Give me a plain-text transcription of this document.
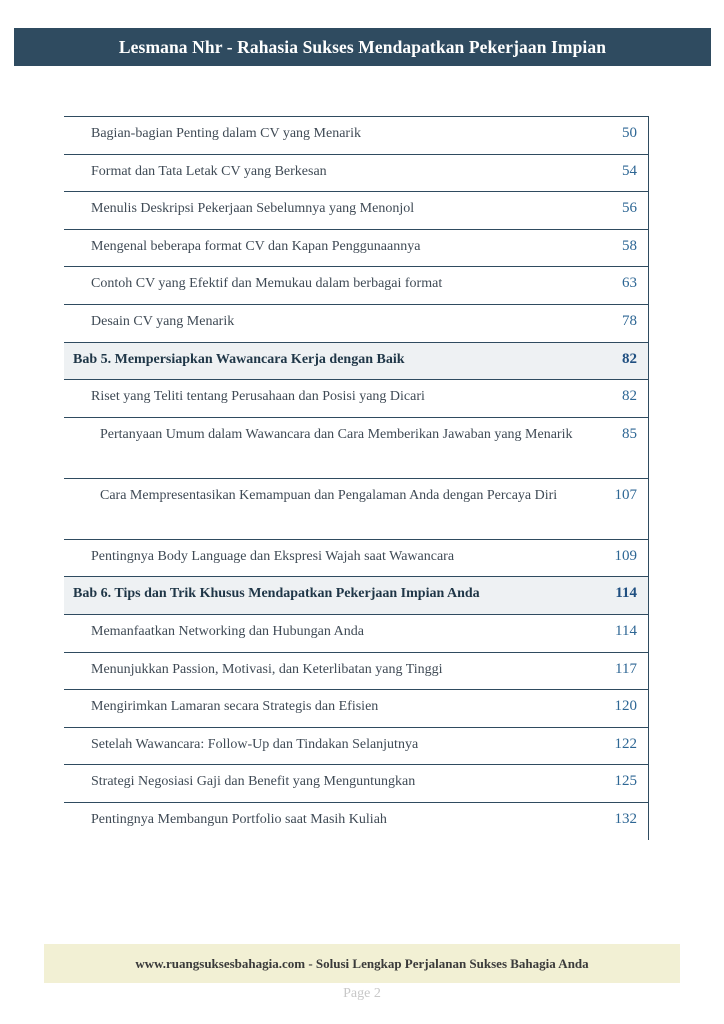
Lesmana Nhr - Rahasia Sukses Mendapatkan Pekerjaan Impian
Bagian-bagian Penting dalam CV yang Menarik	50
Format dan Tata Letak CV yang Berkesan	54
Menulis Deskripsi Pekerjaan Sebelumnya yang Menonjol	56
Mengenal beberapa format CV dan Kapan Penggunaannya	58
Contoh CV yang Efektif dan Memukau dalam berbagai format	63
Desain CV yang Menarik	78
Bab 5. Mempersiapkan Wawancara Kerja dengan Baik	82
Riset yang Teliti tentang Perusahaan dan Posisi yang Dicari	82
Pertanyaan Umum dalam Wawancara dan Cara Memberikan Jawaban yang Menarik	85
Cara Mempresentasikan Kemampuan dan Pengalaman Anda dengan Percaya Diri	107
Pentingnya Body Language dan Ekspresi Wajah saat Wawancara	109
Bab 6. Tips dan Trik Khusus Mendapatkan Pekerjaan Impian Anda	114
Memanfaatkan Networking dan Hubungan Anda	114
Menunjukkan Passion, Motivasi, dan Keterlibatan yang Tinggi	117
Mengirimkan Lamaran secara Strategis dan Efisien	120
Setelah Wawancara: Follow-Up dan Tindakan Selanjutnya	122
Strategi Negosiasi Gaji dan Benefit yang Menguntungkan	125
Pentingnya Membangun Portfolio saat Masih Kuliah	132
www.ruangsuksesbahagia.com - Solusi Lengkap Perjalanan Sukses Bahagia Anda
Page 2
